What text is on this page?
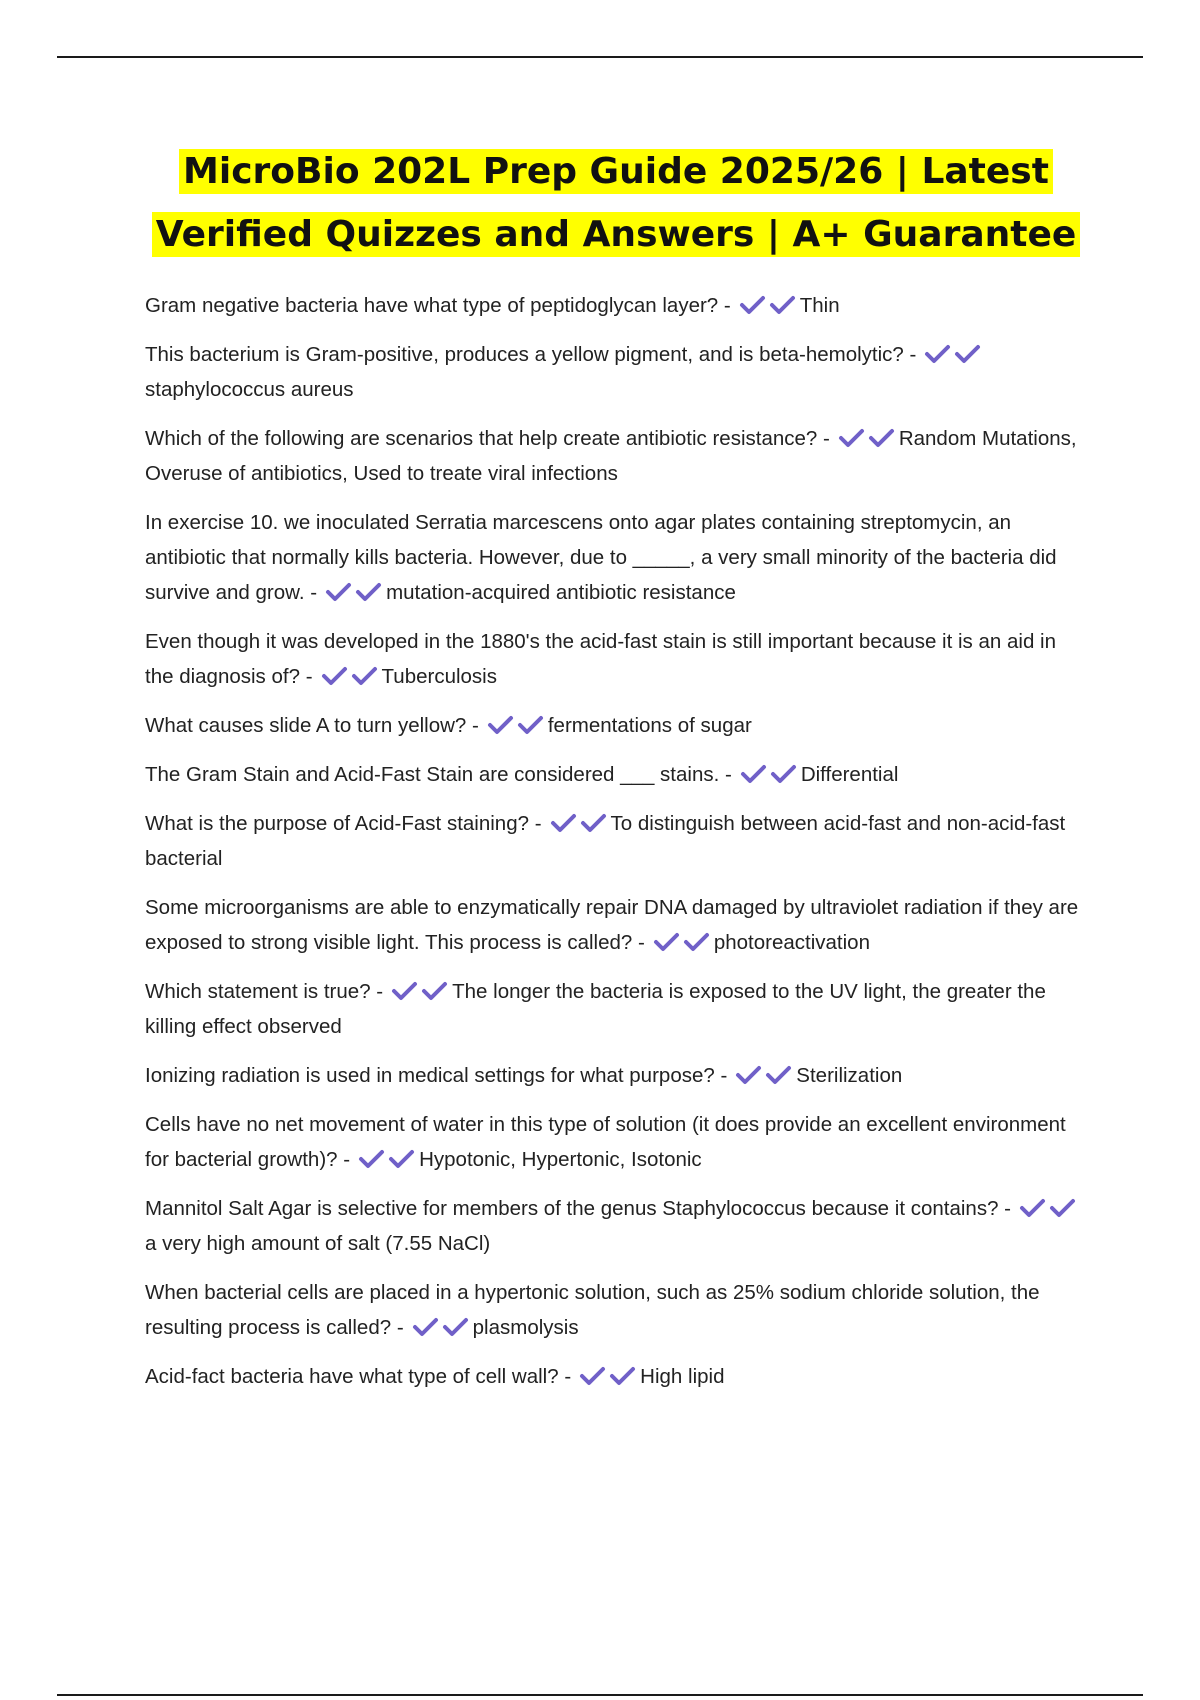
MicroBio 202L Prep Guide 2025/26 | Latest
Verified Quizzes and Answers | A+ Guarantee

Gram negative bacteria have what type of peptidoglycan layer? -	Thin

This bacterium is Gram-positive, produces a yellow pigment, and is beta-hemolytic? -
staphylococcus aureus

Which of the following are scenarios that help create antibiotic resistance? -	Random Mutations, Overuse of antibiotics, Used to treate viral infections

In exercise 10. we inoculated Serratia marcescens onto agar plates containing streptomycin, an antibiotic that normally kills bacteria. However, due to _____, a very small minority of the bacteria did survive and grow. -	mutation-acquired antibiotic resistance

Even though it was developed in the 1880's the acid-fast stain is still important because it is an aid in the diagnosis of? -	Tuberculosis

What causes slide A to turn yellow? -	fermentations of sugar

The Gram Stain and Acid-Fast Stain are considered ___ stains. -	Differential

What is the purpose of Acid-Fast staining? -	To distinguish between acid-fast and non-acid-fast bacterial

Some microorganisms are able to enzymatically repair DNA damaged by ultraviolet radiation if they are exposed to strong visible light. This process is called? -	photoreactivation

Which statement is true? -	The longer the bacteria is exposed to the UV light, the greater the killing effect observed

Ionizing radiation is used in medical settings for what purpose? -	Sterilization

Cells have no net movement of water in this type of solution (it does provide an excellent environment for bacterial growth)? -	Hypotonic, Hypertonic, Isotonic

Mannitol Salt Agar is selective for members of the genus Staphylococcus because it contains? -
a very high amount of salt (7.55 NaCl)

When bacterial cells are placed in a hypertonic solution, such as 25% sodium chloride solution, the resulting process is called? -	plasmolysis

Acid-fact bacteria have what type of cell wall? -	High lipid
